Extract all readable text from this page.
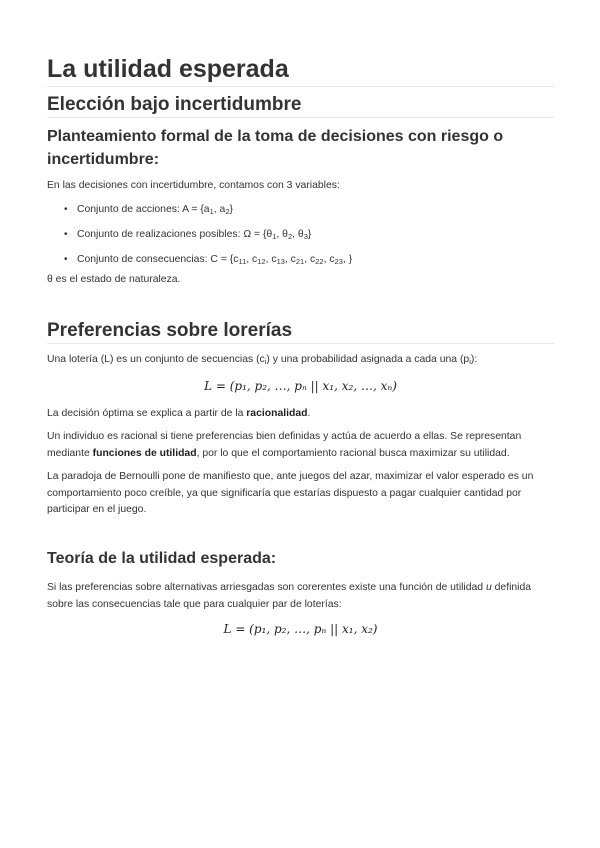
La utilidad esperada
Elección bajo incertidumbre
Planteamiento formal de la toma de decisiones con riesgo o incertidumbre:

En las decisiones con incertidumbre, contamos con 3 variables:

• Conjunto de acciones: $A = \{a_1$, $a_2$}
• Conjunto de realizaciones posibles: $\Omega = \{\theta_1$, $\theta_2$, $\theta_3$}
• Conjunto de consecuencias: $C = \{c_{11}$, $c_{12}$, $c_{13}$, $c_{21}$, $c_{22}$, $c_{23}$, }

θ es el estado de naturaleza.

Preferencias sobre lorerías

Una lotería (L) es un conjunto de secuencias $(c_i)$ y una probabilidad asignada a cada una $(p_i)$:

L = (p₁, p₂, …, pₙ || x₁, x₂, …, xₙ)

La decisión óptima se explica a partir de la racionalidad.

Un individuo es racional si tiene preferencias bien definidas y actúa de acuerdo a ellas. Se representan mediante funciones de utilidad, por lo que el comportamiento racional busca maximizar su utilidad.

La paradoja de Bernoulli pone de manifiesto que, ante juegos del azar, maximizar el valor esperado es un comportamiento poco creíble, ya que significaría que estarías dispuesto a pagar cualquier cantidad por participar en el juego.

Teoría de la utilidad esperada:

Si las preferencias sobre alternativas arriesgadas son corerentes existe una función de utilidad u definida sobre las consecuencias tale que para cualquier par de loterías:

L = (p₁, p₂, …, pₙ || x₁, x₂)
